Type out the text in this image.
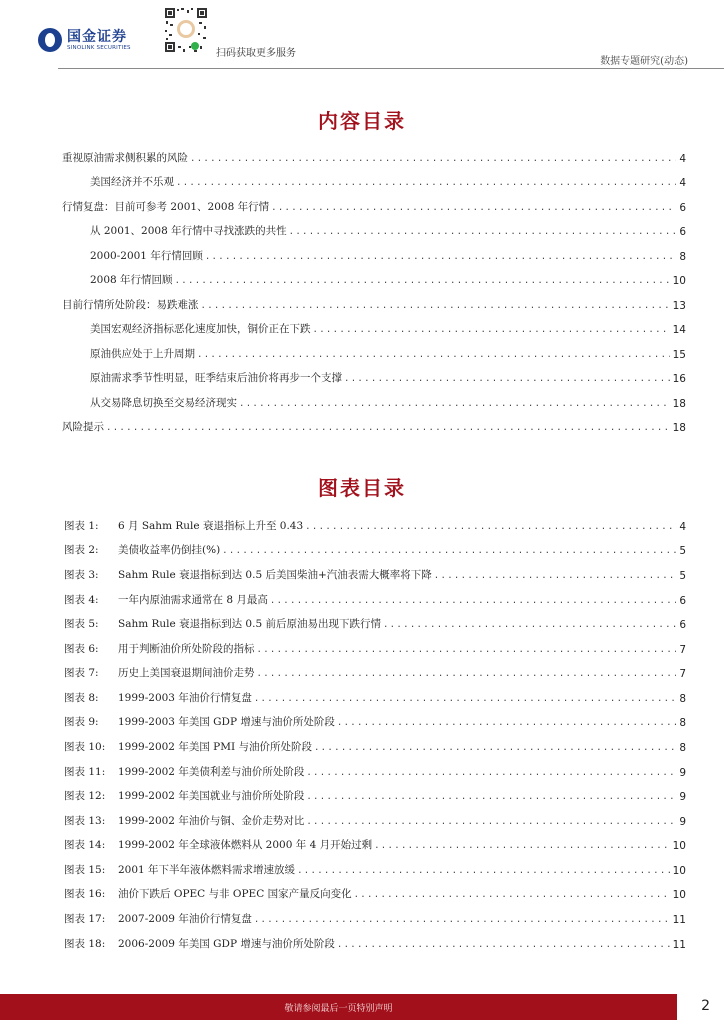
国金证券
SINOLINK SECURITIES
扫码获取更多服务
数据专题研究(动态)
内容目录
重视原油需求侧积累的风险 .....	4
美国经济并不乐观 .....	4
行情复盘：目前可参考 2001、2008 年行情 .....	6
从 2001、2008 年行情中寻找涨跌的共性 .....	6
2000-2001 年行情回顾 .....	8
2008 年行情回顾 .....	10
目前行情所处阶段：易跌难涨 .....	13
美国宏观经济指标恶化速度加快，铜价正在下跌 .....	14
原油供应处于上升周期 .....	15
原油需求季节性明显，旺季结束后油价将再步一个支撑 .....	16
从交易降息切换至交易经济现实 .....	18
风险提示 .....	18
图表目录
图表 1:	6 月 Sahm Rule 衰退指标上升至 0.43 .....	4
图表 2:	美债收益率仍倒挂(%) .....	5
图表 3:	Sahm Rule 衰退指标到达 0.5 后美国柴油+汽油表需大概率将下降 .....	5
图表 4:	一年内原油需求通常在 8 月最高 .....	6
图表 5:	Sahm Rule 衰退指标到达 0.5 前后原油易出现下跌行情 .....	6
图表 6:	用于判断油价所处阶段的指标 .....	7
图表 7:	历史上美国衰退期间油价走势 .....	7
图表 8:	1999-2003 年油价行情复盘 .....	8
图表 9:	1999-2003 年美国 GDP 增速与油价所处阶段 .....	8
图表 10:	1999-2002 年美国 PMI 与油价所处阶段 .....	8
图表 11:	1999-2002 年美债利差与油价所处阶段 .....	9
图表 12:	1999-2002 年美国就业与油价所处阶段 .....	9
图表 13:	1999-2002 年油价与铜、金价走势对比 .....	9
图表 14:	1999-2002 年全球液体燃料从 2000 年 4 月开始过剩 .....	10
图表 15:	2001 年下半年液体燃料需求增速放缓 .....	10
图表 16:	油价下跌后 OPEC 与非 OPEC 国家产量反向变化 .....	10
图表 17:	2007-2009 年油价行情复盘 .....	11
图表 18:	2006-2009 年美国 GDP 增速与油价所处阶段 .....	11
敬请参阅最后一页特别声明	2
